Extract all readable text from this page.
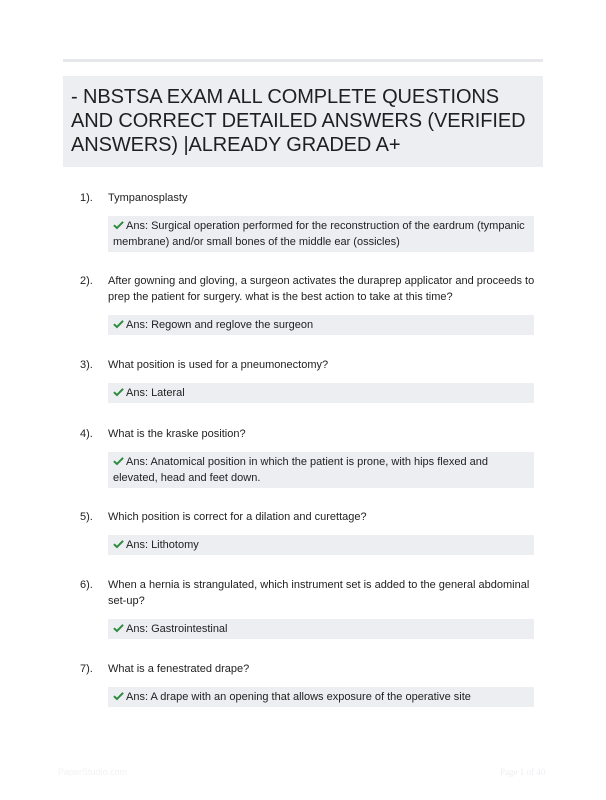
- NBSTSA EXAM ALL COMPLETE QUESTIONS AND CORRECT DETAILED ANSWERS (VERIFIED ANSWERS) |ALREADY GRADED A+
1).	Tympanosplasty
Ans: Surgical operation performed for the reconstruction of the eardrum (tympanic membrane) and/or small bones of the middle ear (ossicles)
2).	After gowning and gloving, a surgeon activates the duraprep applicator and proceeds to prep the patient for surgery. what is the best action to take at this time?
Ans: Regown and reglove the surgeon
3).	What position is used for a pneumonectomy?
Ans: Lateral
4).	What is the kraske position?
Ans: Anatomical position in which the patient is prone, with hips flexed and elevated, head and feet down.
5).	Which position is correct for a dilation and curettage?
Ans: Lithotomy
6).	When a hernia is strangulated, which instrument set is added to the general abdominal set-up?
Ans: Gastrointestinal
7).	What is a fenestrated drape?
Ans: A drape with an opening that allows exposure of the operative site
PaperStudio.com	Page 1 of 40
